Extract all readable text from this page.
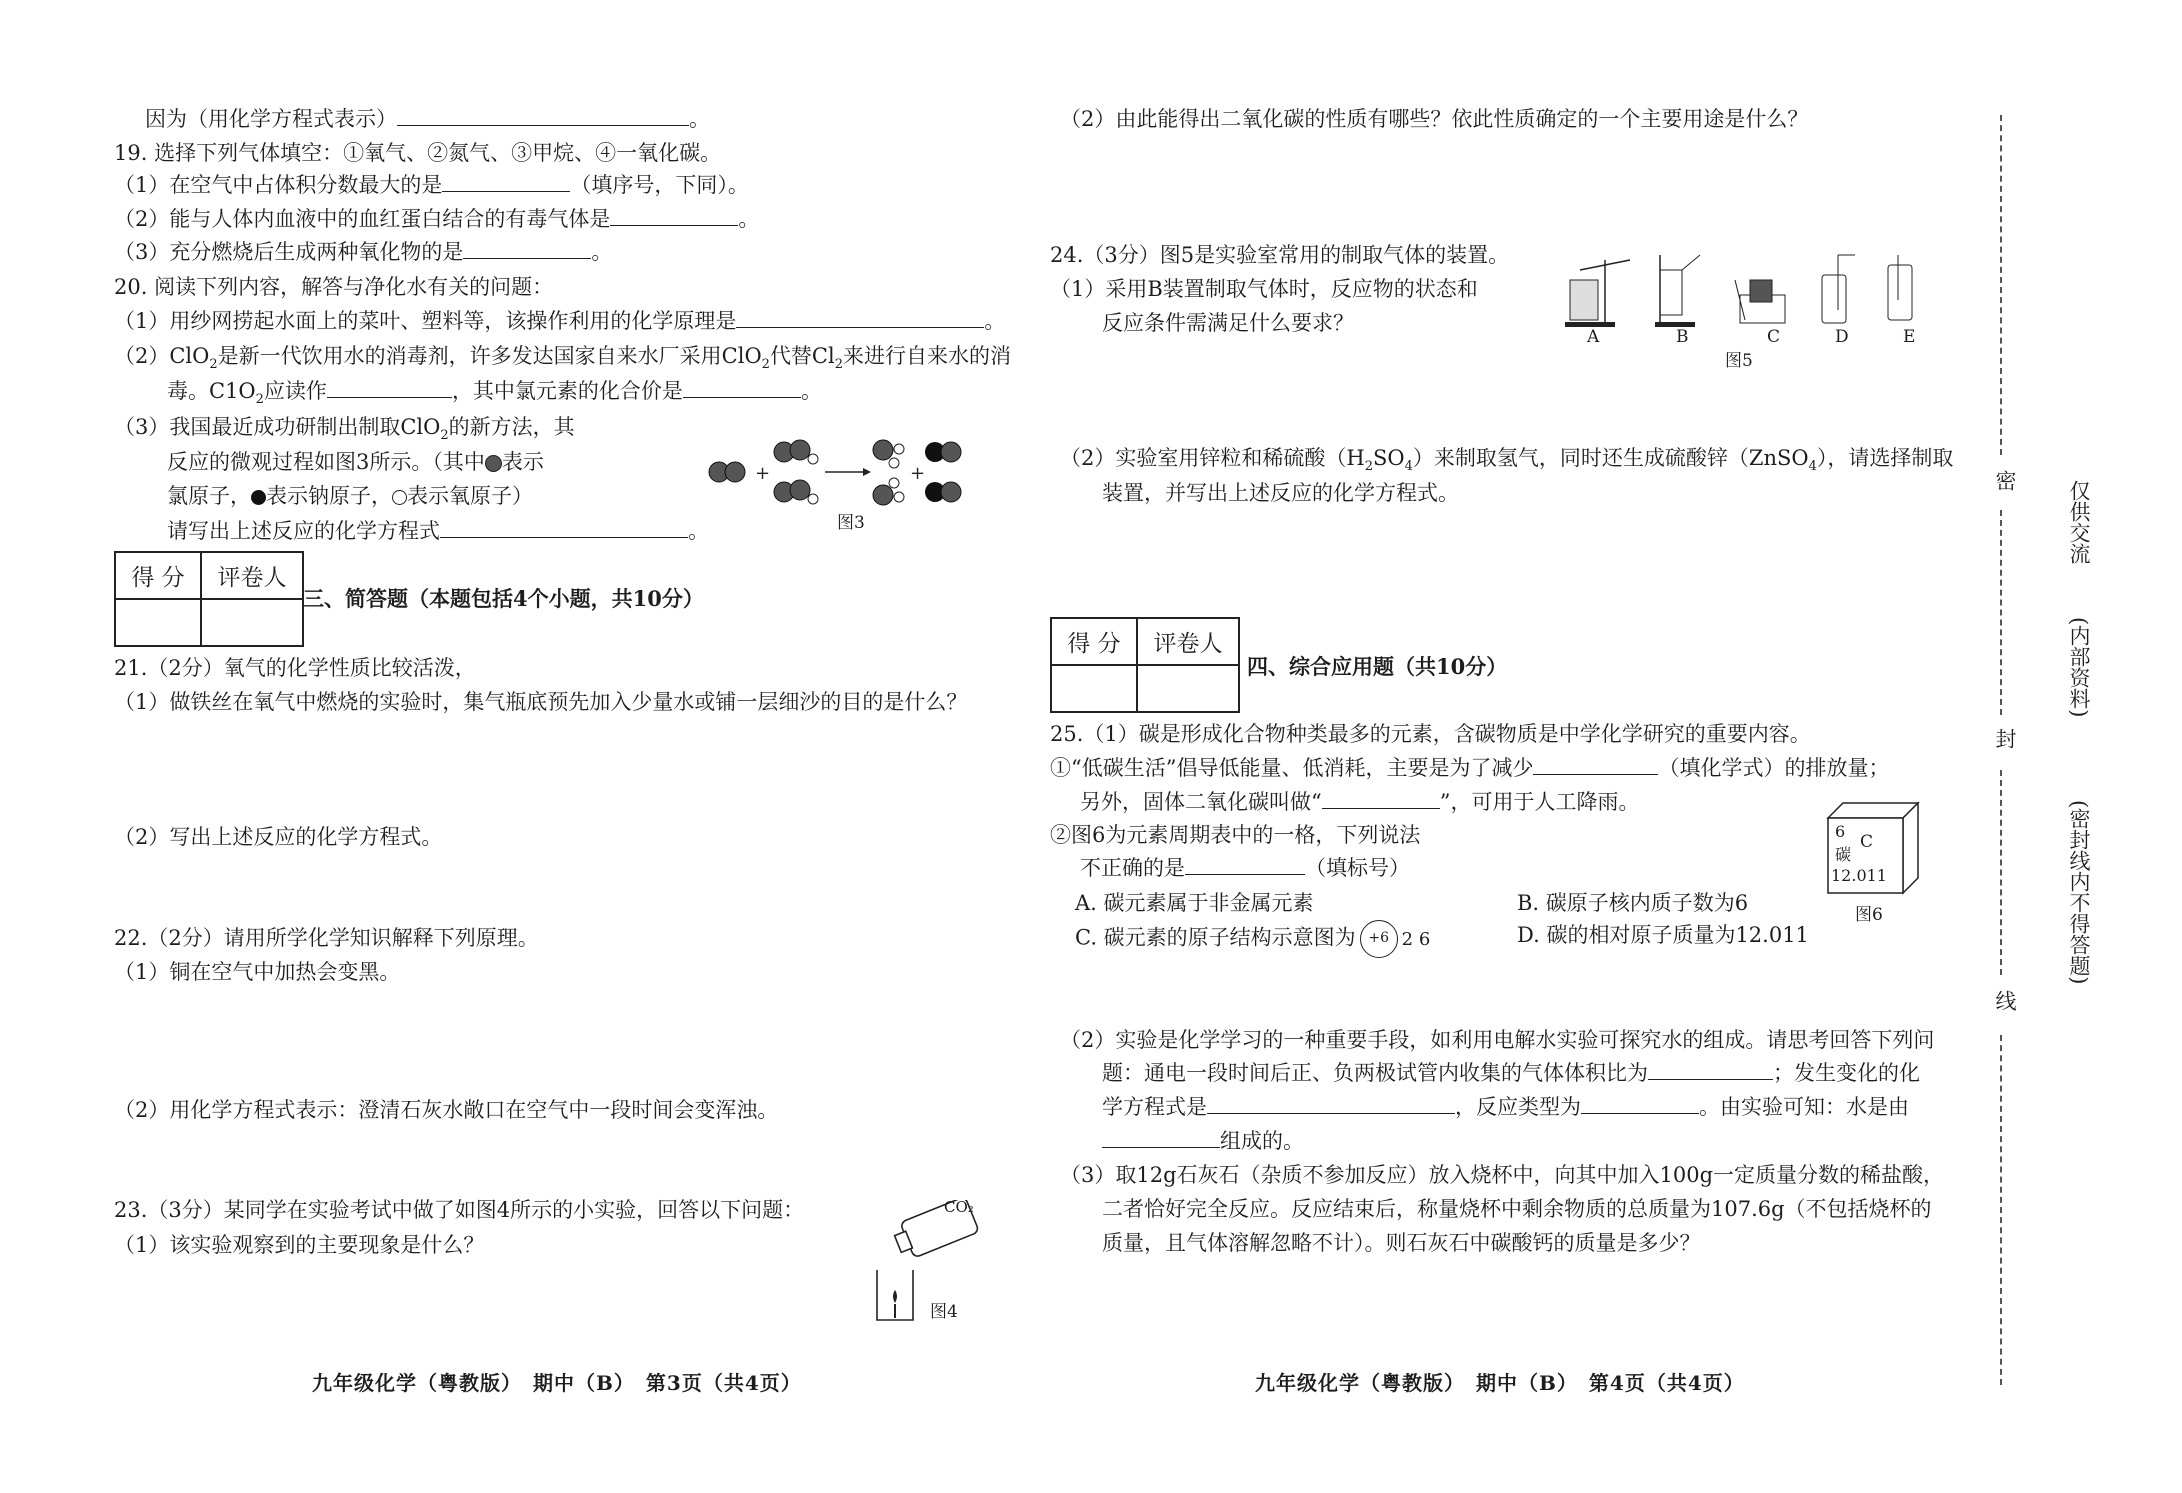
因为（用化学方程式表示）	。
19. 选择下列气体填空：①氧气、②氮气、③甲烷、④一氧化碳。
（1）在空气中占体积分数最大的是	（填序号，下同）。
（2）能与人体内血液中的血红蛋白结合的有毒气体是	。
（3）充分燃烧后生成两种氧化物的是	。
20. 阅读下列内容，解答与净化水有关的问题：
（1）用纱网捞起水面上的菜叶、塑料等，该操作利用的化学原理是	。
（2）ClO$_2$是新一代饮用水的消毒剂，许多发达国家自来水厂采用ClO$_2$代替$Cl_2$来进行自来水的消
毒。$C1O_2$应读作	，其中氯元素的化合价是	。
（3）我国最近成功研制出制取ClO$_2$的新方法，其
反应的微观过程如图3所示。（其中 表示
氯原子， 表示钠原子， 表示氧原子）
请写出上述反应的化学方程式	。
+	+
图3
得 分	评卷人

三、简答题（本题包括4个小题，共10分）
21.（2分）氧气的化学性质比较活泼，
（1）做铁丝在氧气中燃烧的实验时，集气瓶底预先加入少量水或铺一层细沙的目的是什么？
（2）写出上述反应的化学方程式。
22.（2分）请用所学化学知识解释下列原理。
（1）铜在空气中加热会变黑。
（2）用化学方程式表示：澄清石灰水敞口在空气中一段时间会变浑浊。
23.（3分）某同学在实验考试中做了如图4所示的小实验，回答以下问题：
（1）该实验观察到的主要现象是什么？
CO₂
图4
九年级化学（粤教版）　期中（B）　第3页（共4页）
（2）由此能得出二氧化碳的性质有哪些？依此性质确定的一个主要用途是什么？
24.（3分）图5是实验室常用的制取气体的装置。
（1）采用B装置制取气体时，反应物的状态和
反应条件需满足什么要求？
A	B	C	D	E
图5
（2）实验室用锌粒和稀硫酸$(H_2SO_4)$来制取氢气，同时还生成硫酸锌（ZnSO$_4$），请选择制取
装置，并写出上述反应的化学方程式。
得 分	评卷人

四、综合应用题（共10分）
25.（1）碳是形成化合物种类最多的元素，含碳物质是中学化学研究的重要内容。
①“低碳生活”倡导低能量、低消耗，主要是为了减少	（填化学式）的排放量；
另外，固体二氧化碳叫做“	”，可用于人工降雨。
②图6为元素周期表中的一格，下列说法
不正确的是	（填标号）
A. 碳元素属于非金属元素	B. 碳原子核内质子数为6
C. 碳元素的原子结构示意图为 +6 2 6	D. 碳的相对原子质量为12.011
6
C
碳
12.011
图6
（2）实验是化学学习的一种重要手段，如利用电解水实验可探究水的组成。请思考回答下列问
题：通电一段时间后正、负两极试管内收集的气体体积比为	；发生变化的化
学方程式是	，反应类型为	。由实验可知：水是由
组成的。
（3）取12g石灰石（杂质不参加反应）放入烧杯中，向其中加入100g一定质量分数的稀盐酸，
二者恰好完全反应。反应结束后，称量烧杯中剩余物质的总质量为107.6g（不包括烧杯的
质量，且气体溶解忽略不计）。则石灰石中碳酸钙的质量是多少？
九年级化学（粤教版）　期中（B）　第4页（共4页）
密
封
线
仅供交流
(内部资料)
(密封线内不得答题)
